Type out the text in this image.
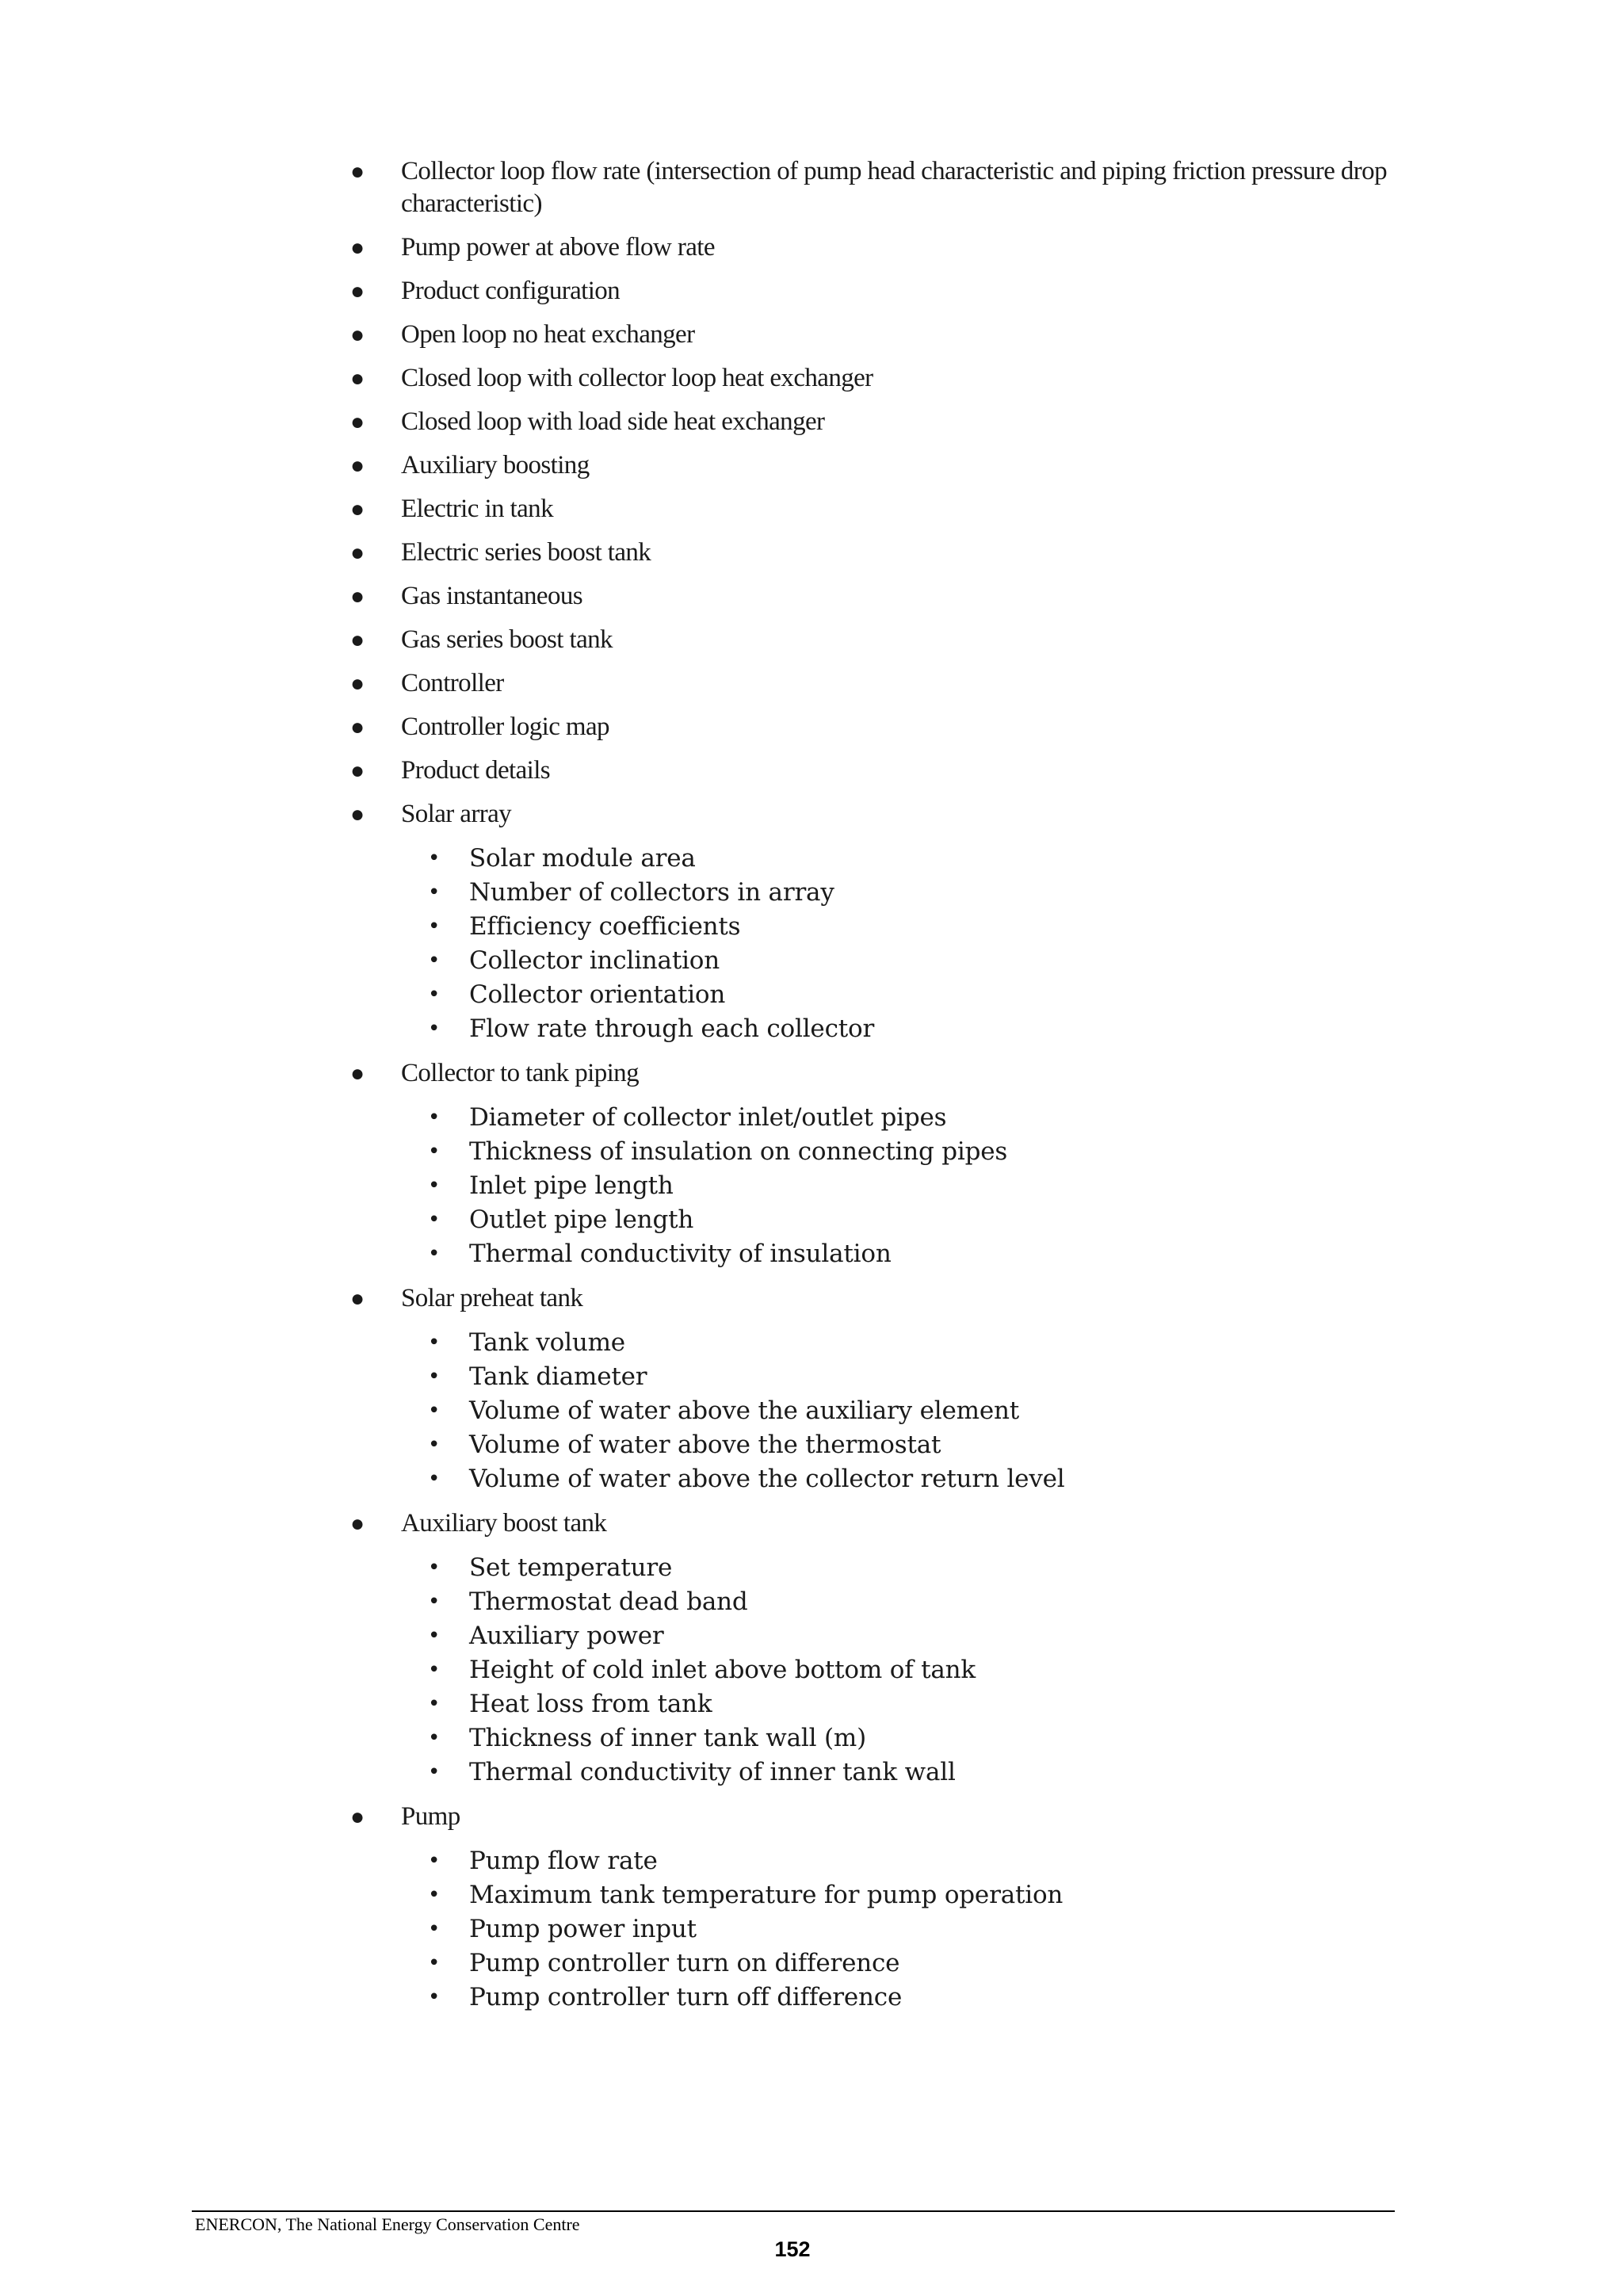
●	Collector loop flow rate (intersection of pump head characteristic and piping friction pressure drop characteristic)
●	Pump power at above flow rate
●	Product configuration
●	Open loop no heat exchanger
●	Closed loop with collector loop heat exchanger
●	Closed loop with load side heat exchanger
●	Auxiliary boosting
●	Electric in tank
●	Electric series boost tank
●	Gas instantaneous
●	Gas series boost tank
●	Controller
●	Controller logic map
●	Product details
●	Solar array
• Solar module area
• Number of collectors in array
• Efficiency coefficients
• Collector inclination
• Collector orientation
• Flow rate through each collector
●	Collector to tank piping
• Diameter of collector inlet/outlet pipes
• Thickness of insulation on connecting pipes
• Inlet pipe length
• Outlet pipe length
• Thermal conductivity of insulation
●	Solar preheat tank
• Tank volume
• Tank diameter
• Volume of water above the auxiliary element
• Volume of water above the thermostat
• Volume of water above the collector return level
●	Auxiliary boost tank
• Set temperature
• Thermostat dead band
• Auxiliary power
• Height of cold inlet above bottom of tank
• Heat loss from tank
• Thickness of inner tank wall (m)
• Thermal conductivity of inner tank wall
●	Pump
• Pump flow rate
• Maximum tank temperature for pump operation
• Pump power input
• Pump controller turn on difference
• Pump controller turn off difference
ENERCON, The National Energy Conservation Centre
152
